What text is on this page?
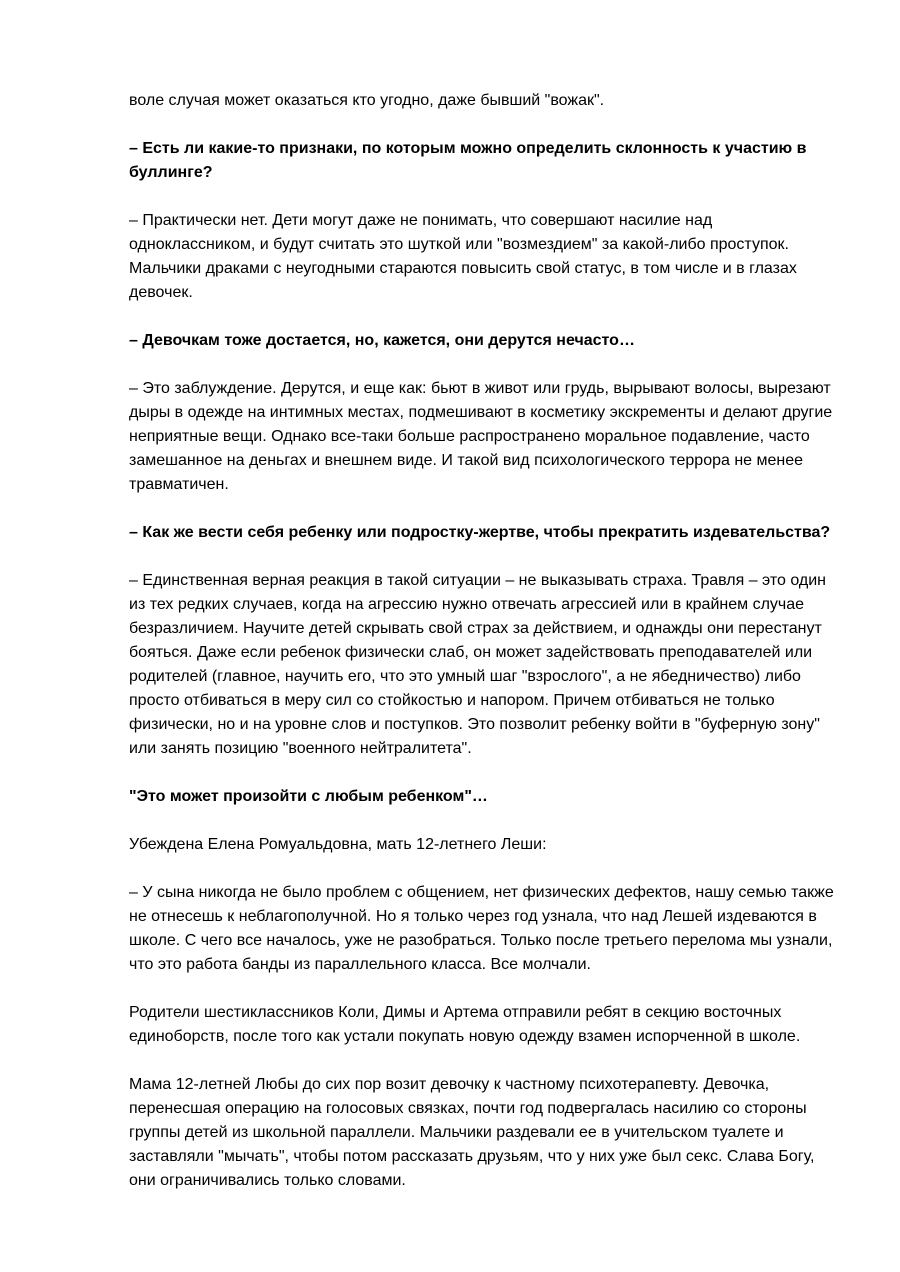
воле случая может оказаться кто угодно, даже бывший "вожак".

– Есть ли какие-то признаки, по которым можно определить склонность к участию в буллинге?

– Практически нет. Дети могут даже не понимать, что совершают насилие над одноклассником, и будут считать это шуткой или "возмездием" за какой-либо проступок. Мальчики драками с неугодными стараются повысить свой статус, в том числе и в глазах девочек.

– Девочкам тоже достается, но, кажется, они дерутся нечасто…

– Это заблуждение. Дерутся, и еще как: бьют в живот или грудь, вырывают волосы, вырезают дыры в одежде на интимных местах, подмешивают в косметику экскременты и делают другие неприятные вещи. Однако все-таки больше распространено моральное подавление, часто замешанное на деньгах и внешнем виде. И такой вид психологического террора не менее травматичен.

– Как же вести себя ребенку или подростку-жертве, чтобы прекратить издевательства?

– Единственная верная реакция в такой ситуации – не выказывать страха. Травля – это один из тех редких случаев, когда на агрессию нужно отвечать агрессией или в крайнем случае безразличием. Научите детей скрывать свой страх за действием, и однажды они перестанут бояться. Даже если ребенок физически слаб, он может задействовать преподавателей или родителей (главное, научить его, что это умный шаг "взрослого", а не ябедничество) либо просто отбиваться в меру сил со стойкостью и напором. Причем отбиваться не только физически, но и на уровне слов и поступков. Это позволит ребенку войти в "буферную зону" или занять позицию "военного нейтралитета".

"Это может произойти с любым ребенком"…

Убеждена Елена Ромуальдовна, мать 12-летнего Леши:

– У сына никогда не было проблем с общением, нет физических дефектов, нашу семью также не отнесешь к неблагополучной. Но я только через год узнала, что над Лешей издеваются в школе. С чего все началось, уже не разобраться. Только после третьего перелома мы узнали, что это работа банды из параллельного класса. Все молчали.

Родители шестиклассников Коли, Димы и Артема отправили ребят в секцию восточных единоборств, после того как устали покупать новую одежду взамен испорченной в школе.

Мама 12-летней Любы до сих пор возит девочку к частному психотерапевту. Девочка, перенесшая операцию на голосовых связках, почти год подвергалась насилию со стороны группы детей из школьной параллели. Мальчики раздевали ее в учительском туалете и заставляли "мычать", чтобы потом рассказать друзьям, что у них уже был секс. Слава Богу, они ограничивались только словами.
